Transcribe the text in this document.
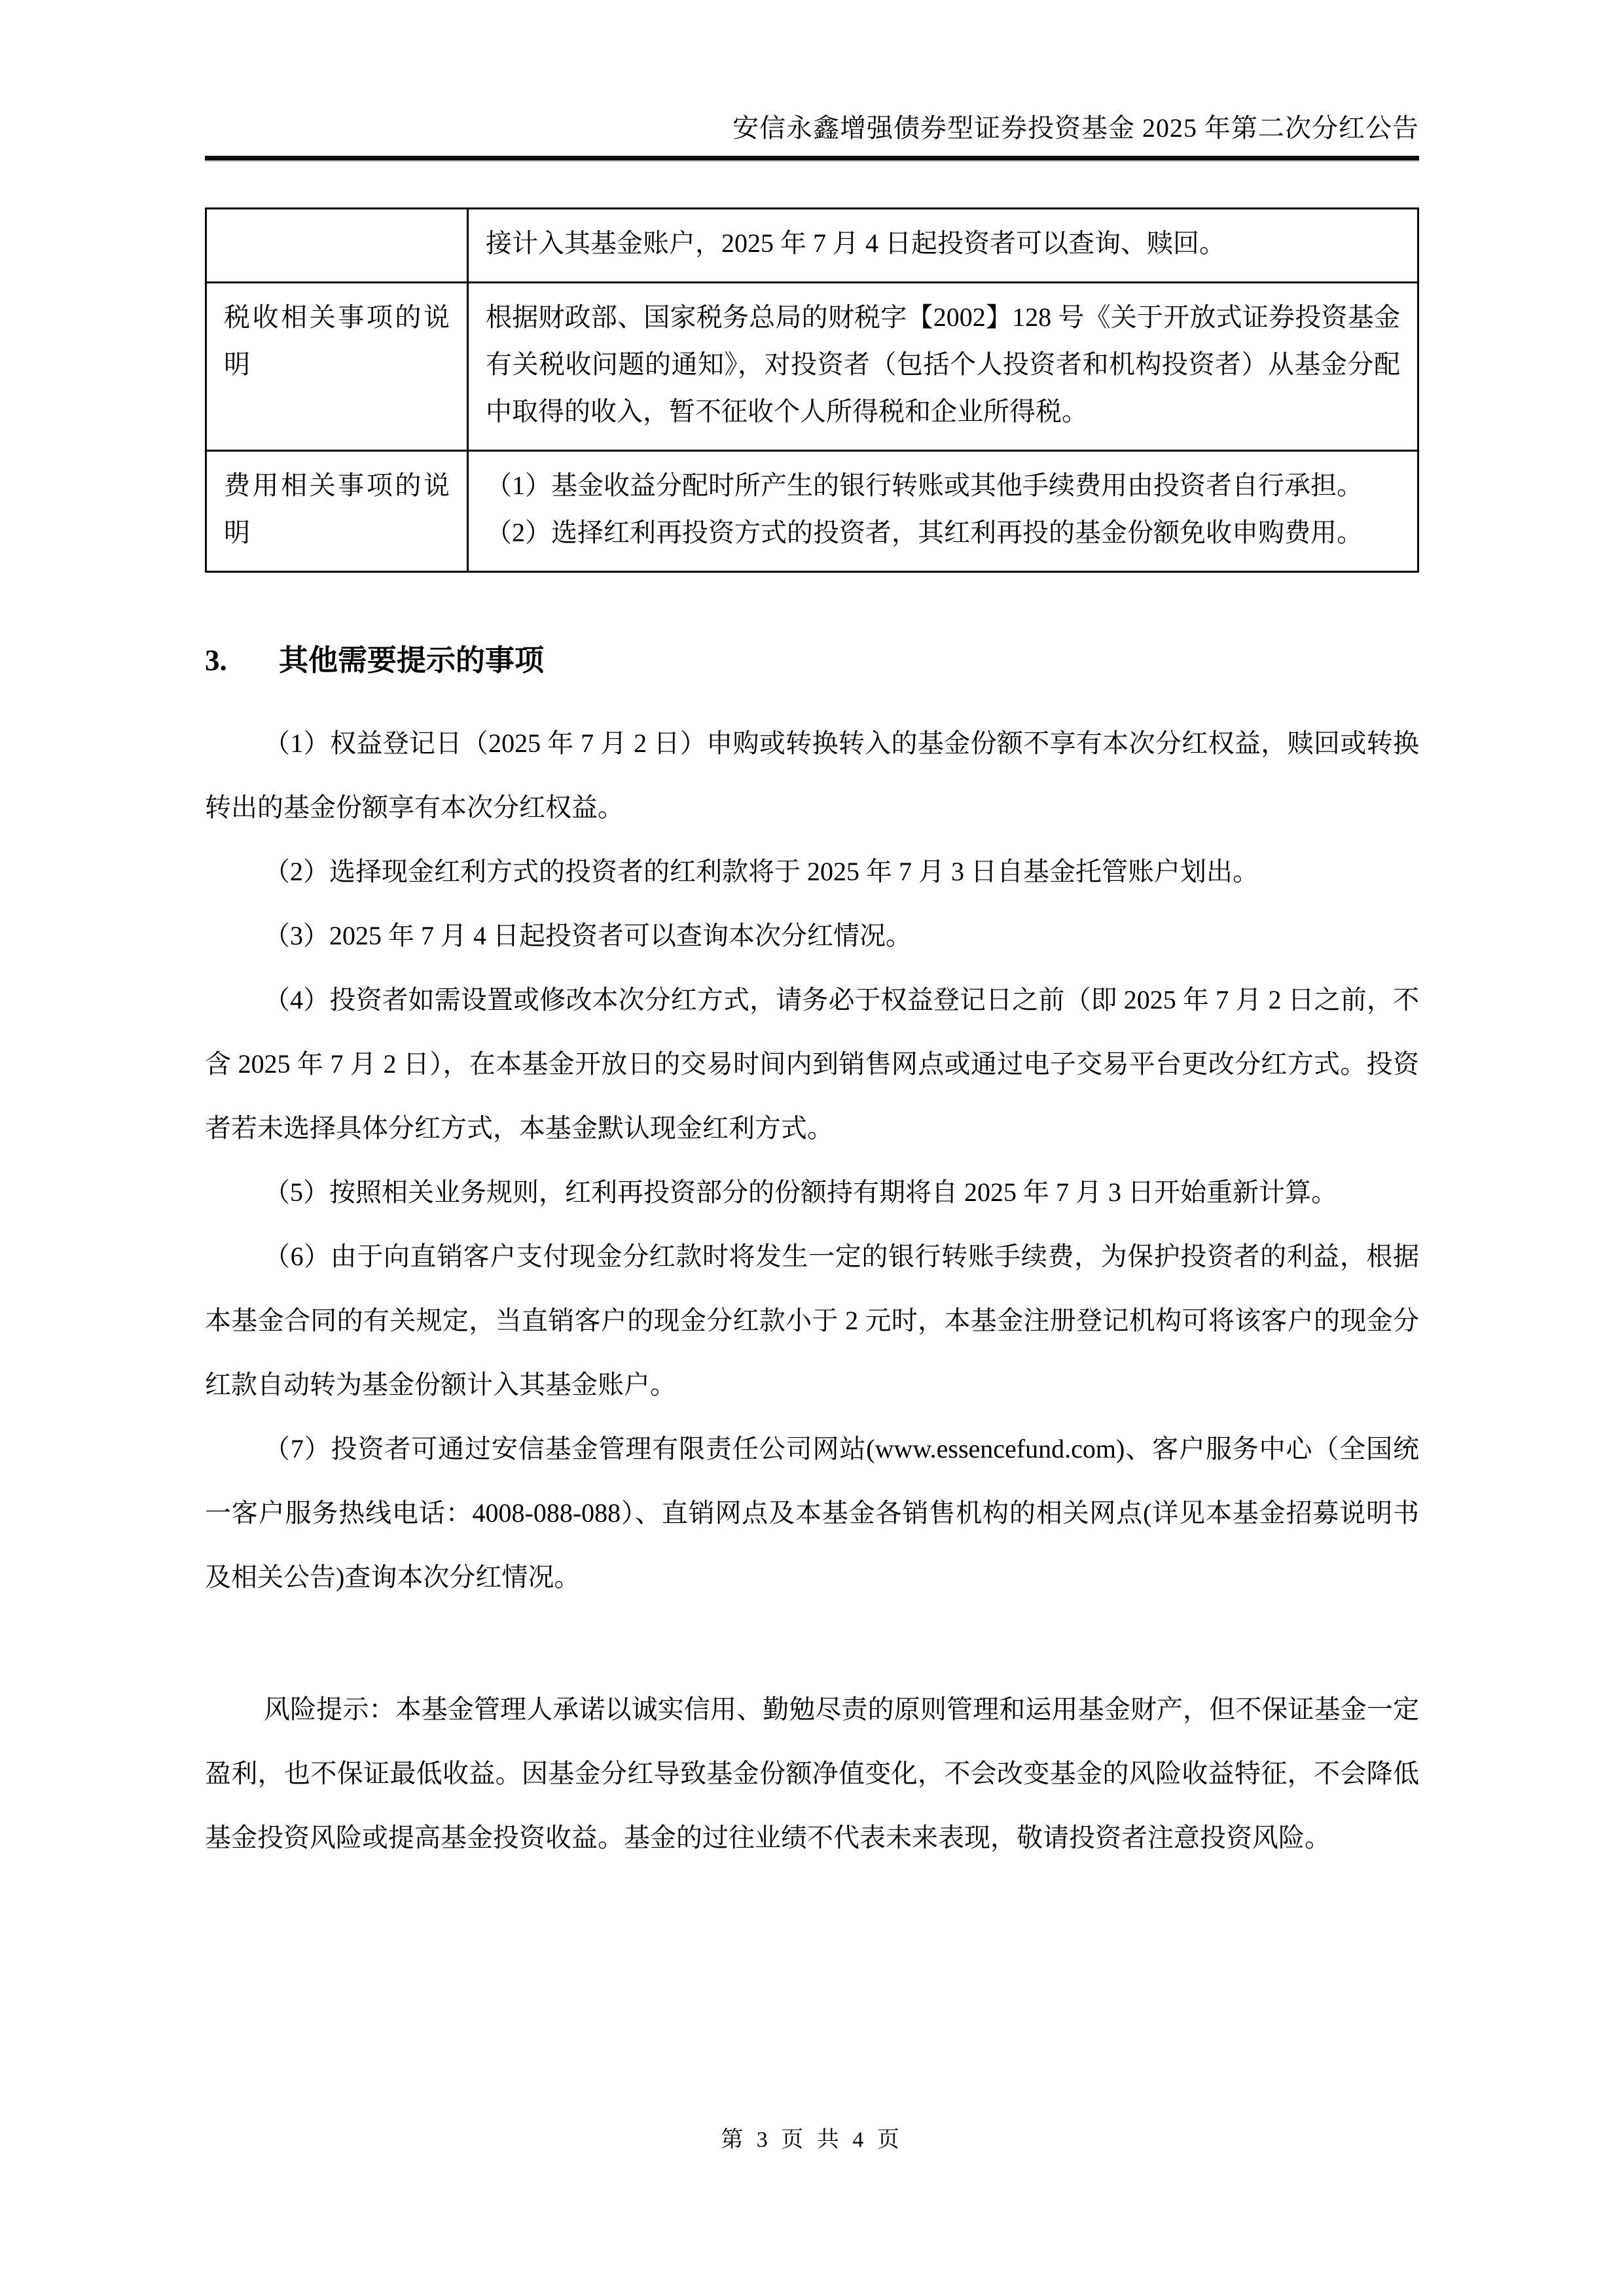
安信永鑫增强债券型证券投资基金 2025 年第二次分红公告

	接计入其基金账户，2025 年 7 月 4 日起投资者可以查询、赎回。

税收相关事项的说明	根据财政部、国家税务总局的财税字【2002】128 号《关于开放式证券投资基金有关税收问题的通知》，对投资者（包括个人投资者和机构投资者）从基金分配中取得的收入，暂不征收个人所得税和企业所得税。

费用相关事项的说明	（1）基金收益分配时所产生的银行转账或其他手续费用由投资者自行承担。

（2）选择红利再投资方式的投资者，其红利再投的基金份额免收申购费用。

3.	其他需要提示的事项

（1）权益登记日（2025 年 7 月 2 日）申购或转换转入的基金份额不享有本次分红权益，赎回或转换转出的基金份额享有本次分红权益。

（2）选择现金红利方式的投资者的红利款将于 2025 年 7 月 3 日自基金托管账户划出。

（3）2025 年 7 月 4 日起投资者可以查询本次分红情况。

（4）投资者如需设置或修改本次分红方式，请务必于权益登记日之前（即 2025 年 7 月 2 日之前，不含 2025 年 7 月 2 日），在本基金开放日的交易时间内到销售网点或通过电子交易平台更改分红方式。投资者若未选择具体分红方式，本基金默认现金红利方式。

（5）按照相关业务规则，红利再投资部分的份额持有期将自 2025 年 7 月 3 日开始重新计算。

（6）由于向直销客户支付现金分红款时将发生一定的银行转账手续费，为保护投资者的利益，根据本基金合同的有关规定，当直销客户的现金分红款小于 2 元时，本基金注册登记机构可将该客户的现金分红款自动转为基金份额计入其基金账户。

（7）投资者可通过安信基金管理有限责任公司网站(www.essencefund.com)、客户服务中心（全国统一客户服务热线电话：4008-088-088）、直销网点及本基金各销售机构的相关网点(详见本基金招募说明书及相关公告)查询本次分红情况。

风险提示：本基金管理人承诺以诚实信用、勤勉尽责的原则管理和运用基金财产，但不保证基金一定盈利，也不保证最低收益。因基金分红导致基金份额净值变化，不会改变基金的风险收益特征，不会降低基金投资风险或提高基金投资收益。基金的过往业绩不代表未来表现，敬请投资者注意投资风险。

第 3 页 共 4 页
